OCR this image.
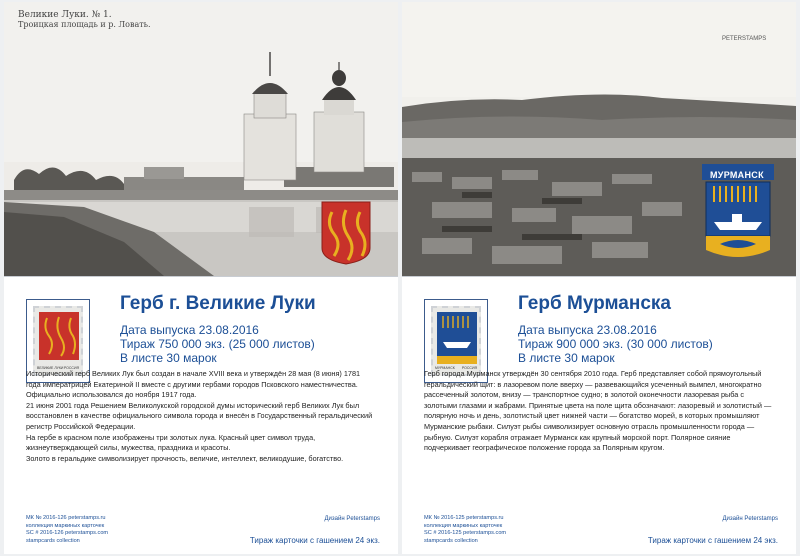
Великие Луки. № 1.
Троицкая площадь и р. Ловать.
ВЕЛИКИЕ ЛУКИ РОССИЯ
Герб г. Великие Луки
Дата выпуска 23.08.2016
Тираж 750 000 экз. (25 000 листов)
В листе 30 марок

Исторический герб Великих Лук был создан в начале XVIII века и утверждён 28 мая (8 июня) 1781 года императрицей Екатериной II вместе с другими гербами городов Псковского наместничества.

Официально использовался до ноября 1917 года.

21 июня 2001 года Решением Великолукской городской думы исторический герб Великих Лук был восстановлен в качестве официального символа города и внесён в Государственный геральдический регистр Российской Федерации.

На гербе в красном поле изображены три золотых лука. Красный цвет символ труда, жизнеутверждающей силы, мужества, праздника и красоты.

Золото в геральдике символизирует прочность, величие, интеллект, великодушие, богатство.

МК № 2016-126 peterstamps.ru
коллекция маркиных карточек
SC # 2016-126 peterstamps.com
stampcards collection
Дизайн Peterstamps
Тираж карточки с гашением 24 экз.
МУРМАНСК
PETERSTAMPS
МУРМАНСК РОССИЯ
Герб Мурманска
Дата выпуска 23.08.2016
Тираж 900 000 экз. (30 000 листов)
В листе 30 марок

Герб города Мурманск утверждён 30 сентября 2010 года. Герб представляет собой прямоугольный геральдический щит: в лазоревом поле вверху — развевающийся усеченный вымпел, многократно рассеченный золотом, внизу — транспортное судно; в золотой оконечности лазоревая рыба с золотыми глазами и жабрами. Принятые цвета на поле щита обозначают: лазоревый и золотистый — полярную ночь и день, золотистый цвет нижней части — богатство морей, в которых промышляют Мурманские рыбаки. Силуэт рыбы символизирует основную отрасль промышленности города — рыбную. Силуэт корабля отражает Мурманск как крупный морской порт. Полярное сияние подчеркивает географическое положение города за Полярным кругом.

МК № 2016-125 peterstamps.ru
коллекция маркиных карточек
SC # 2016-125 peterstamps.com
stampcards collection
Дизайн Peterstamps
Тираж карточки с гашением 24 экз.
